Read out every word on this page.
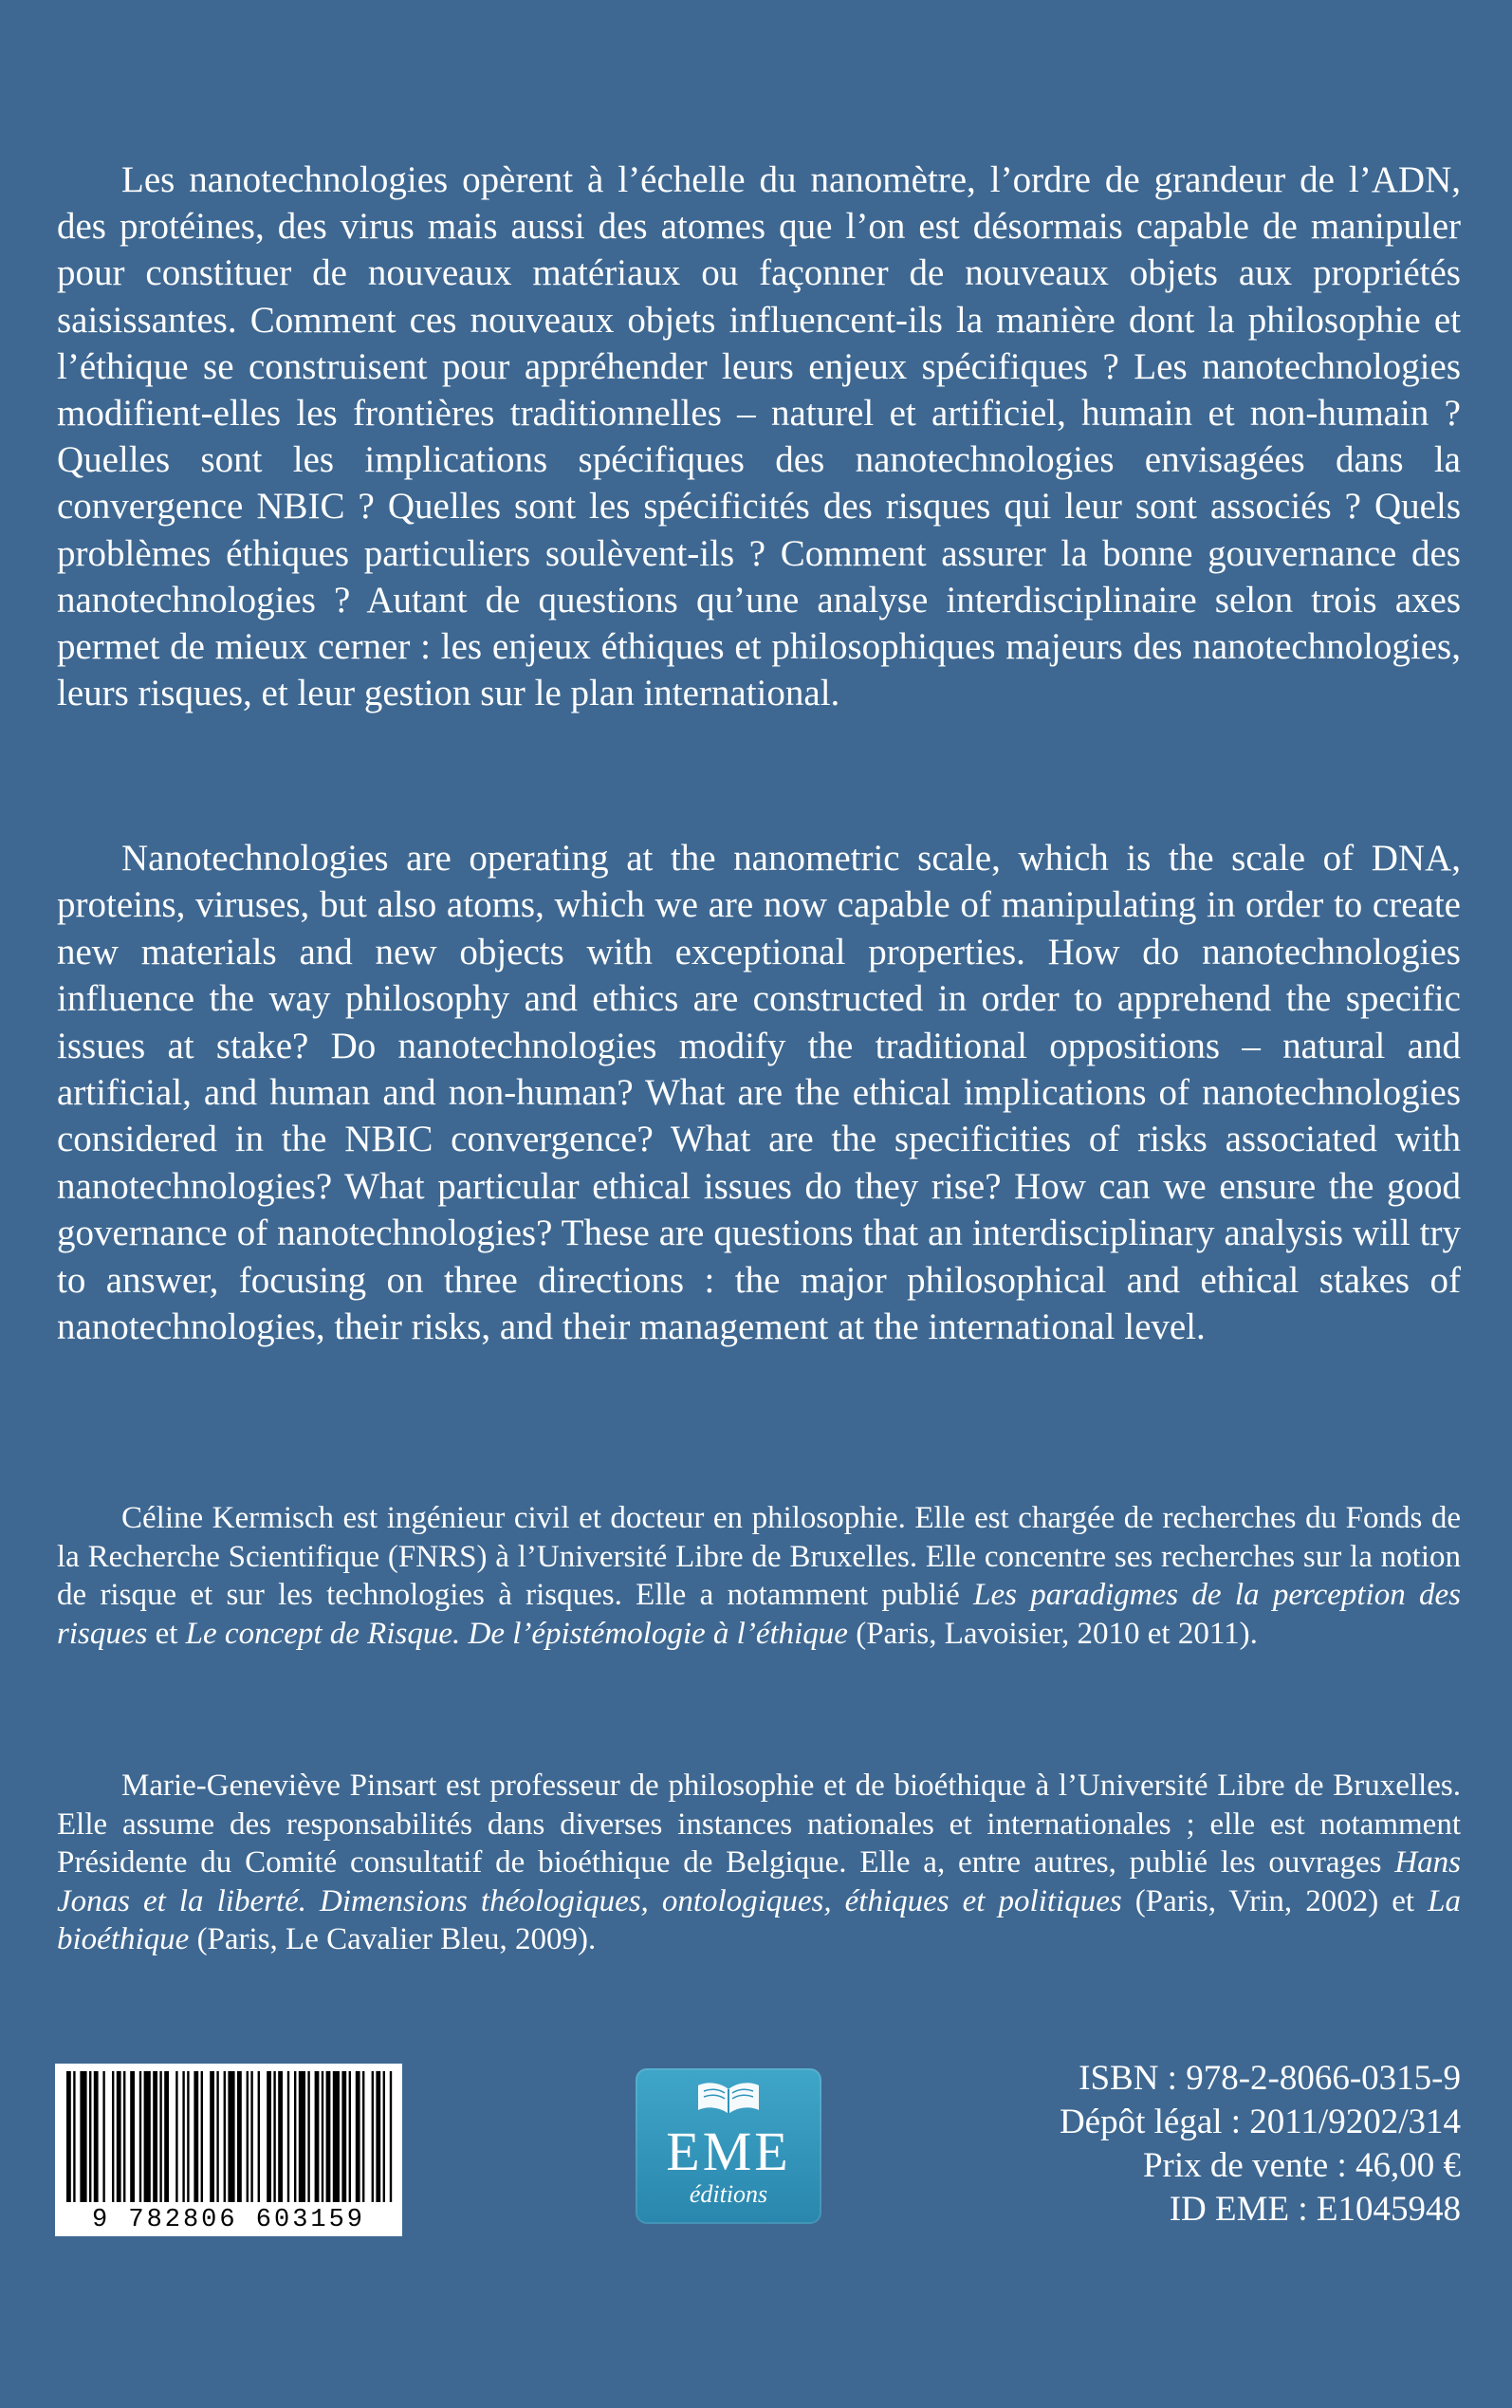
Les nanotechnologies opèrent à l’échelle du nanomètre, l’ordre de grandeur de l’ADN, des protéines, des virus mais aussi des atomes que l’on est désormais capable de manipuler pour constituer de nouveaux matériaux ou façonner de nouveaux objets aux propriétés saisissantes. Comment ces nouveaux objets influencent-ils la manière dont la philosophie et l’éthique se construisent pour appréhender leurs enjeux spécifiques ? Les nanotechnologies modifient-elles les frontières traditionnelles – naturel et artificiel, humain et non-humain ? Quelles sont les implications spécifiques des nanotechnologies envisagées dans la convergence NBIC ? Quelles sont les spécificités des risques qui leur sont associés ? Quels problèmes éthiques particuliers soulèvent-ils ? Comment assurer la bonne gouvernance des nanotechnologies ? Autant de questions qu’une analyse interdisciplinaire selon trois axes permet de mieux cerner : les enjeux éthiques et philosophiques majeurs des nanotechnologies, leurs risques, et leur gestion sur le plan international.

Nanotechnologies are operating at the nanometric scale, which is the scale of DNA, proteins, viruses, but also atoms, which we are now capable of manipulating in order to create new materials and new objects with exceptional properties. How do nanotechnologies influence the way philosophy and ethics are constructed in order to apprehend the specific issues at stake? Do nanotechnologies modify the traditional oppositions – natural and artificial, and human and non-human? What are the ethical implications of nanotechnologies considered in the NBIC convergence? What are the specificities of risks associated with nanotechnologies? What particular ethical issues do they rise? How can we ensure the good governance of nanotechnologies? These are questions that an interdisciplinary analysis will try to answer, focusing on three directions : the major philosophical and ethical stakes of nanotechnologies, their risks, and their management at the international level.

Céline Kermisch est ingénieur civil et docteur en philosophie. Elle est chargée de recherches du Fonds de la Recherche Scientifique (FNRS) à l’Université Libre de Bruxelles. Elle concentre ses recherches sur la notion de risque et sur les technologies à risques. Elle a notamment publié Les paradigmes de la perception des risques et Le concept de Risque. De l’épistémologie à l’éthique (Paris, Lavoisier, 2010 et 2011).

Marie-Geneviève Pinsart est professeur de philosophie et de bioéthique à l’Université Libre de Bruxelles. Elle assume des responsabilités dans diverses instances nationales et internationales ; elle est notamment Présidente du Comité consultatif de bioéthique de Belgique. Elle a, entre autres, publié les ouvrages Hans Jonas et la liberté. Dimensions théologiques, ontologiques, éthiques et politiques (Paris, Vrin, 2002) et La bioéthique (Paris, Le Cavalier Bleu, 2009).

9 782806 603159
EME
éditions
ISBN : 978-2-8066-0315-9
Dépôt légal : 2011/9202/314
Prix de vente : 46,00 €
ID EME : E1045948
